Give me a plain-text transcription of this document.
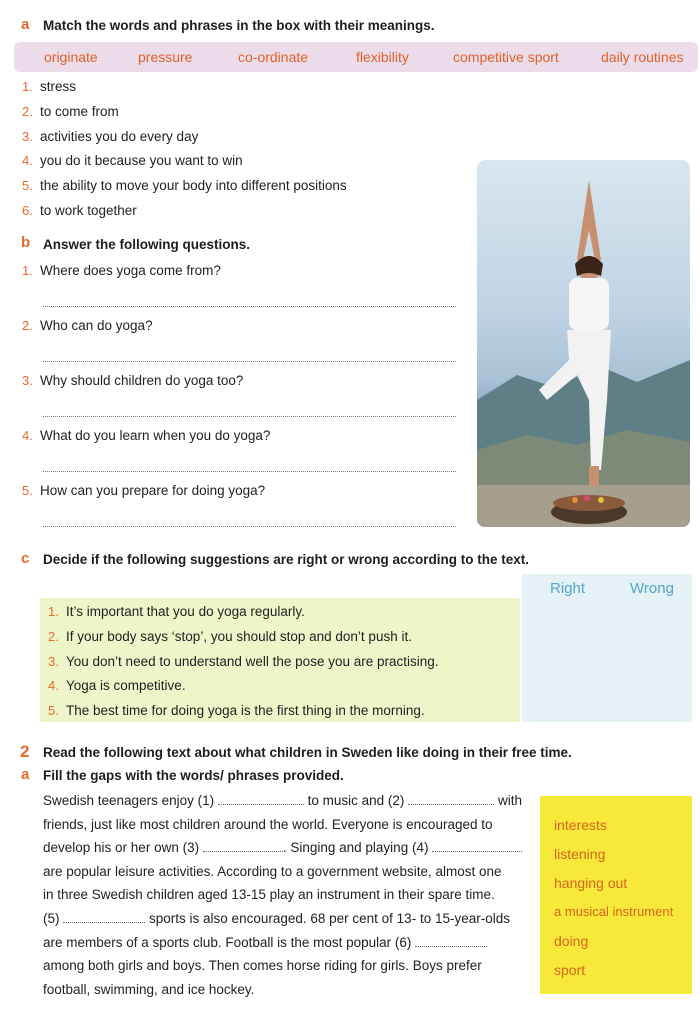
a Match the words and phrases in the box with their meanings.
originate	pressure	co-ordinate	flexibility	competitive sport	daily routines
1. stress
2. to come from
3. activities you do every day
4. you do it because you want to win
5. the ability to move your body into different positions
6. to work together
b Answer the following questions.
1. Where does yoga come from?
2. Who can do yoga?
3. Why should children do yoga too?
4. What do you learn when you do yoga?
5. How can you prepare for doing yoga?
c Decide if the following suggestions are right or wrong according to the text.
Right	Wrong
1. It’s important that you do yoga regularly.
2. If your body says ‘stop’, you should stop and don’t push it.
3. You don’t need to understand well the pose you are practising.
4. Yoga is competitive.
5. The best time for doing yoga is the first thing in the morning.
2 Read the following text about what children in Sweden like doing in their free time.
a Fill the gaps with the words/ phrases provided.
Swedish teenagers enjoy (1)	to music and (2)	with
friends, just like most children around the world. Everyone is encouraged to
develop his or her own (3)	. Singing and playing (4)
are popular leisure activities. According to a government website, almost one
in three Swedish children aged 13-15 play an instrument in their spare time.
(5)	sports is also encouraged. 68 per cent of 13- to 15-year-olds
are members of a sports club. Football is the most popular (6)
among both girls and boys. Then comes horse riding for girls. Boys prefer
football, swimming, and ice hockey.
interests
listening
hanging out
a musical instrument
doing
sport
